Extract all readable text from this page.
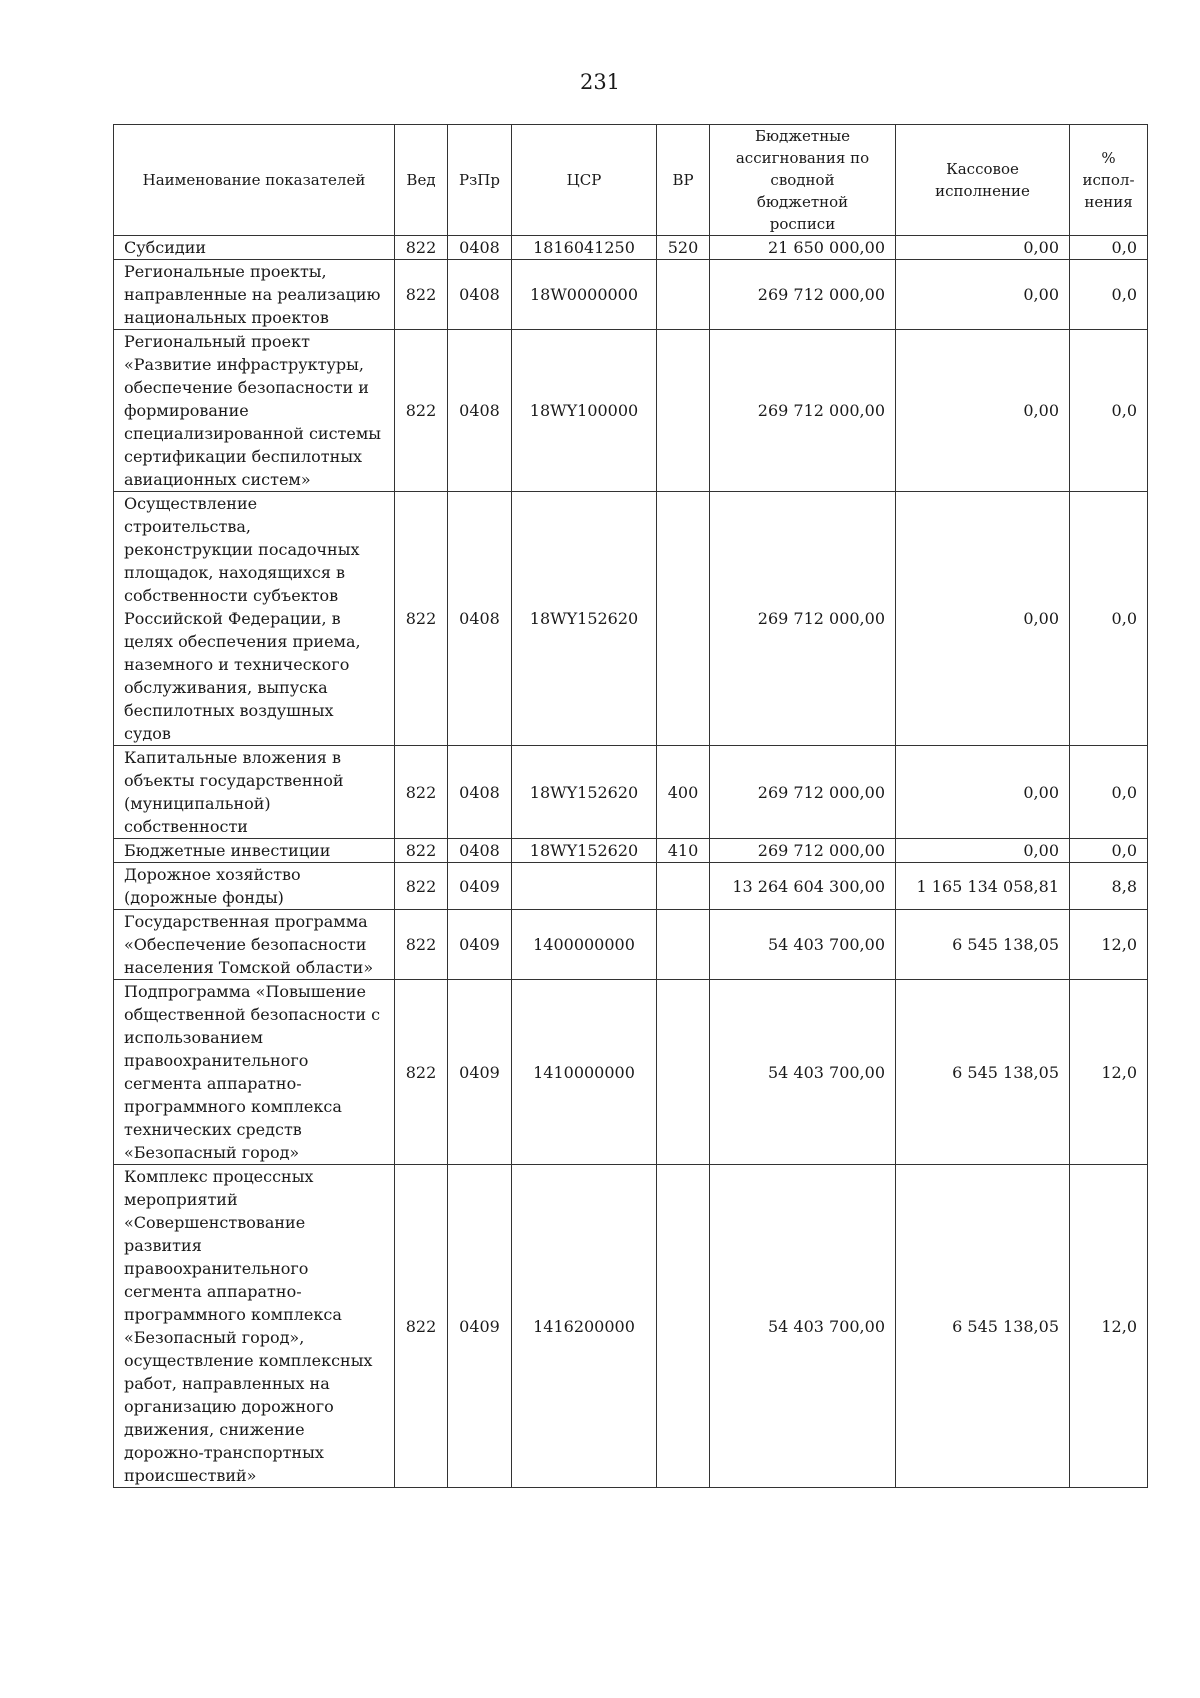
231
Наименование показателей	Вед	РзПр	ЦСР	ВР	Бюджетные ассигнования по сводной бюджетной росписи	Кассовое исполнение	% испол-нения
Субсидии	822	0408	1816041250	520	21 650 000,00	0,00	0,0
Региональные проекты, направленные на реализацию национальных проектов	822	0408	18W0000000		269 712 000,00	0,00	0,0
Региональный проект «Развитие инфраструктуры, обеспечение безопасности и формирование специализированной системы сертификации беспилотных авиационных систем»	822	0408	18WY100000		269 712 000,00	0,00	0,0
Осуществление строительства, реконструкции посадочных площадок, находящихся в собственности субъектов Российской Федерации, в целях обеспечения приема, наземного и технического обслуживания, выпуска беспилотных воздушных судов	822	0408	18WY152620		269 712 000,00	0,00	0,0
Капитальные вложения в объекты государственной (муниципальной) собственности	822	0408	18WY152620	400	269 712 000,00	0,00	0,0
Бюджетные инвестиции	822	0408	18WY152620	410	269 712 000,00	0,00	0,0
Дорожное хозяйство (дорожные фонды)	822	0409			13 264 604 300,00	1 165 134 058,81	8,8
Государственная программа «Обеспечение безопасности населения Томской области»	822	0409	1400000000		54 403 700,00	6 545 138,05	12,0
Подпрограмма «Повышение общественной безопасности с использованием правоохранительного сегмента аппаратно-программного комплекса технических средств «Безопасный город»	822	0409	1410000000		54 403 700,00	6 545 138,05	12,0
Комплекс процессных мероприятий «Совершенствование развития правоохранительного сегмента аппаратно-программного комплекса «Безопасный город», осуществление комплексных работ, направленных на организацию дорожного движения, снижение дорожно-транспортных происшествий»	822	0409	1416200000		54 403 700,00	6 545 138,05	12,0
